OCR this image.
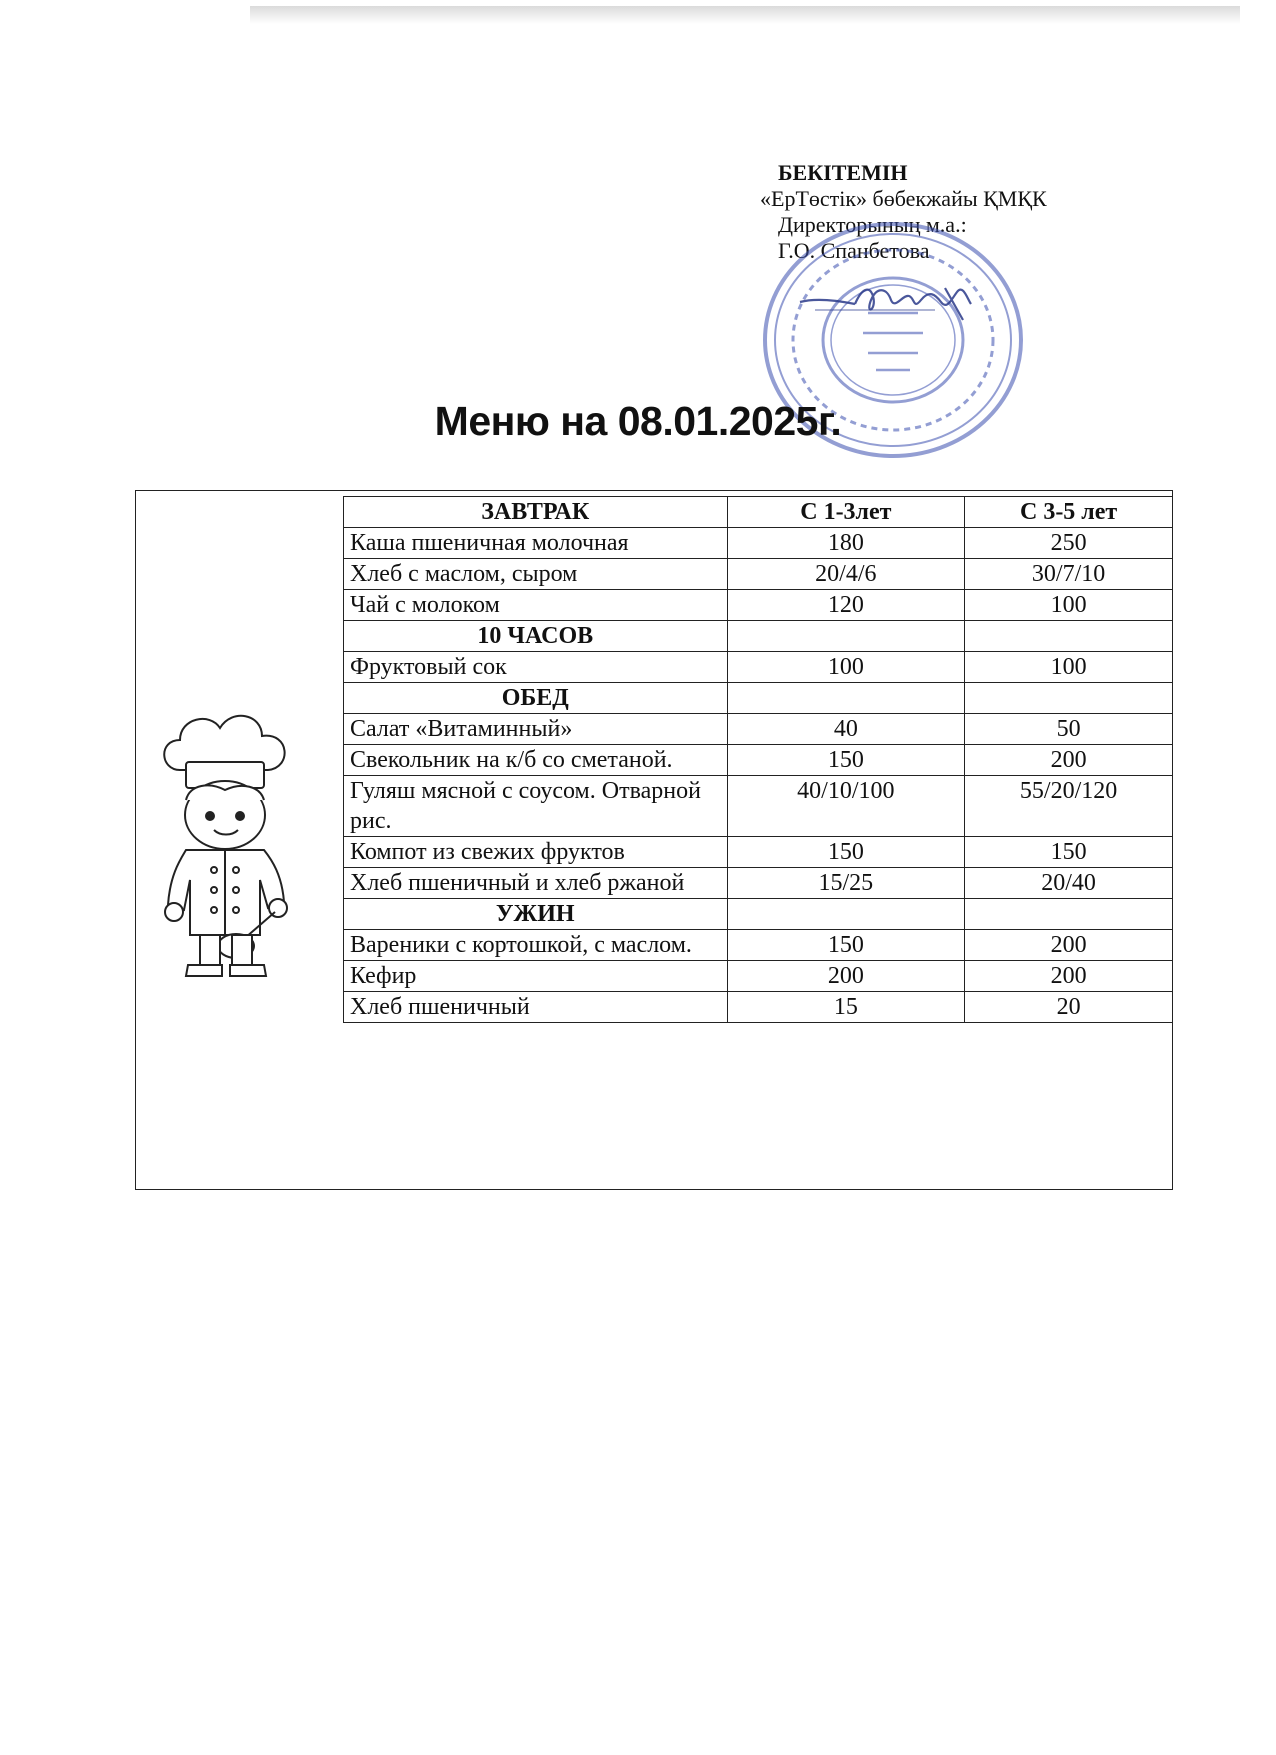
БЕКІТЕМІН
«ЕрТөстік» бөбекжайы ҚМҚК
Директорының м.а.:
Г.О. Спанбетова
Меню на 08.01.2025г.
ЗАВТРАК	С 1-3лет	С 3-5 лет
Каша пшеничная молочная	180	250
Хлеб с маслом, сыром	20/4/6	30/7/10
Чай с молоком	120	100
10 ЧАСОВ		
Фруктовый сок	100	100
ОБЕД		
Салат «Витаминный»	40	50
Свекольник на к/б со сметаной.	150	200
Гуляш мясной с соусом. Отварной рис.	40/10/100	55/20/120
Компот из свежих фруктов	150	150
Хлеб пшеничный и хлеб ржаной	15/25	20/40
УЖИН		
Вареники с кортошкой, с маслом.	150	200
Кефир	200	200
Хлеб пшеничный	15	20
